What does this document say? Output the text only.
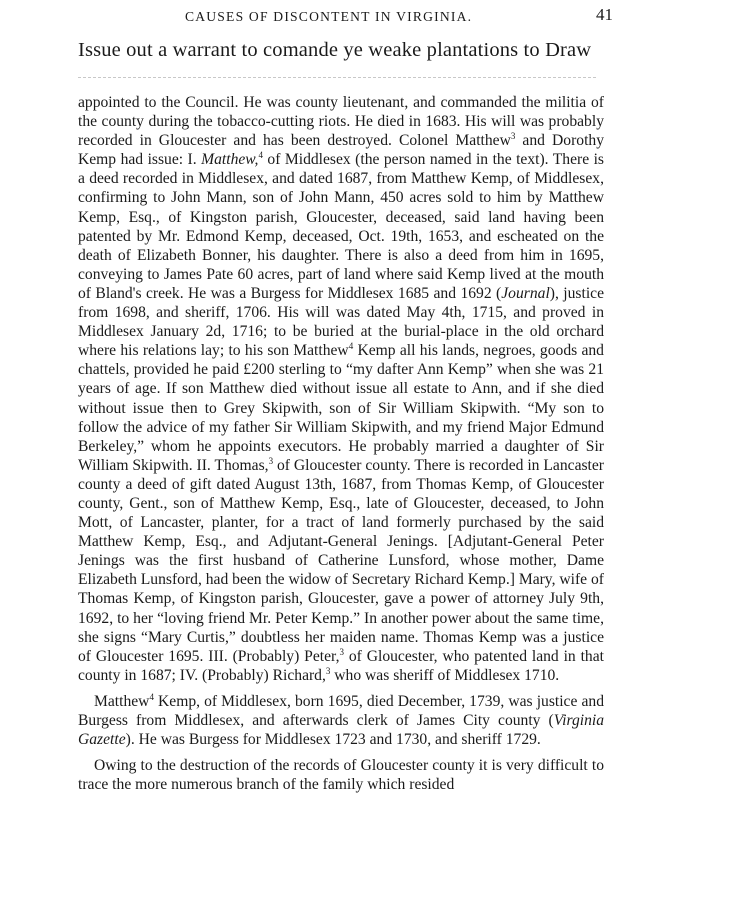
CAUSES OF DISCONTENT IN VIRGINIA.	41
Issue out a warrant to comande ye weake plantations to Draw

appointed to the Council. He was county lieutenant, and commanded the militia of the county during the tobacco-cutting riots. He died in 1683. His will was probably recorded in Gloucester and has been destroyed. Colonel Matthew$^3$ and Dorothy Kemp had issue: I. Matthew,$^4$ of Middlesex (the person named in the text). There is a deed recorded in Middlesex, and dated 1687, from Matthew Kemp, of Middlesex, confirming to John Mann, son of John Mann, 450 acres sold to him by Matthew Kemp, Esq., of Kingston parish, Gloucester, deceased, said land having been patented by Mr. Edmond Kemp, deceased, Oct. 19th, 1653, and escheated on the death of Elizabeth Bonner, his daughter. There is also a deed from him in 1695, conveying to James Pate 60 acres, part of land where said Kemp lived at the mouth of Bland's creek. He was a Burgess for Middlesex 1685 and 1692 (Journal), justice from 1698, and sheriff, 1706. His will was dated May 4th, 1715, and proved in Middlesex January 2d, 1716; to be buried at the burial-place in the old orchard where his relations lay; to his son Matthew$^4$ Kemp all his lands, negroes, goods and chattels, provided he paid £200 sterling to “my dafter Ann Kemp” when she was 21 years of age. If son Matthew died without issue all estate to Ann, and if she died without issue then to Grey Skipwith, son of Sir William Skipwith. “My son to follow the advice of my father Sir William Skipwith, and my friend Major Edmund Berkeley,” whom he appoints executors. He probably married a daughter of Sir William Skipwith. II. Thomas,$^3$ of Gloucester county. There is recorded in Lancaster county a deed of gift dated August 13th, 1687, from Thomas Kemp, of Gloucester county, Gent., son of Matthew Kemp, Esq., late of Gloucester, deceased, to John Mott, of Lancaster, planter, for a tract of land formerly purchased by the said Matthew Kemp, Esq., and Adjutant-General Jenings. [Adjutant-General Peter Jenings was the first husband of Catherine Lunsford, whose mother, Dame Elizabeth Lunsford, had been the widow of Secretary Richard Kemp.] Mary, wife of Thomas Kemp, of Kingston parish, Gloucester, gave a power of attorney July 9th, 1692, to her “loving friend Mr. Peter Kemp.” In another power about the same time, she signs “Mary Curtis,” doubtless her maiden name. Thomas Kemp was a justice of Gloucester 1695. III. (Probably) Peter,$^3$ of Gloucester, who patented land in that county in 1687; IV. (Probably) Richard,$^3$ who was sheriff of Middlesex 1710.

Matthew$^4$ Kemp, of Middlesex, born 1695, died December, 1739, was justice and Burgess from Middlesex, and afterwards clerk of James City county (Virginia Gazette). He was Burgess for Middlesex 1723 and 1730, and sheriff 1729.

Owing to the destruction of the records of Gloucester county it is very difficult to trace the more numerous branch of the family which resided
